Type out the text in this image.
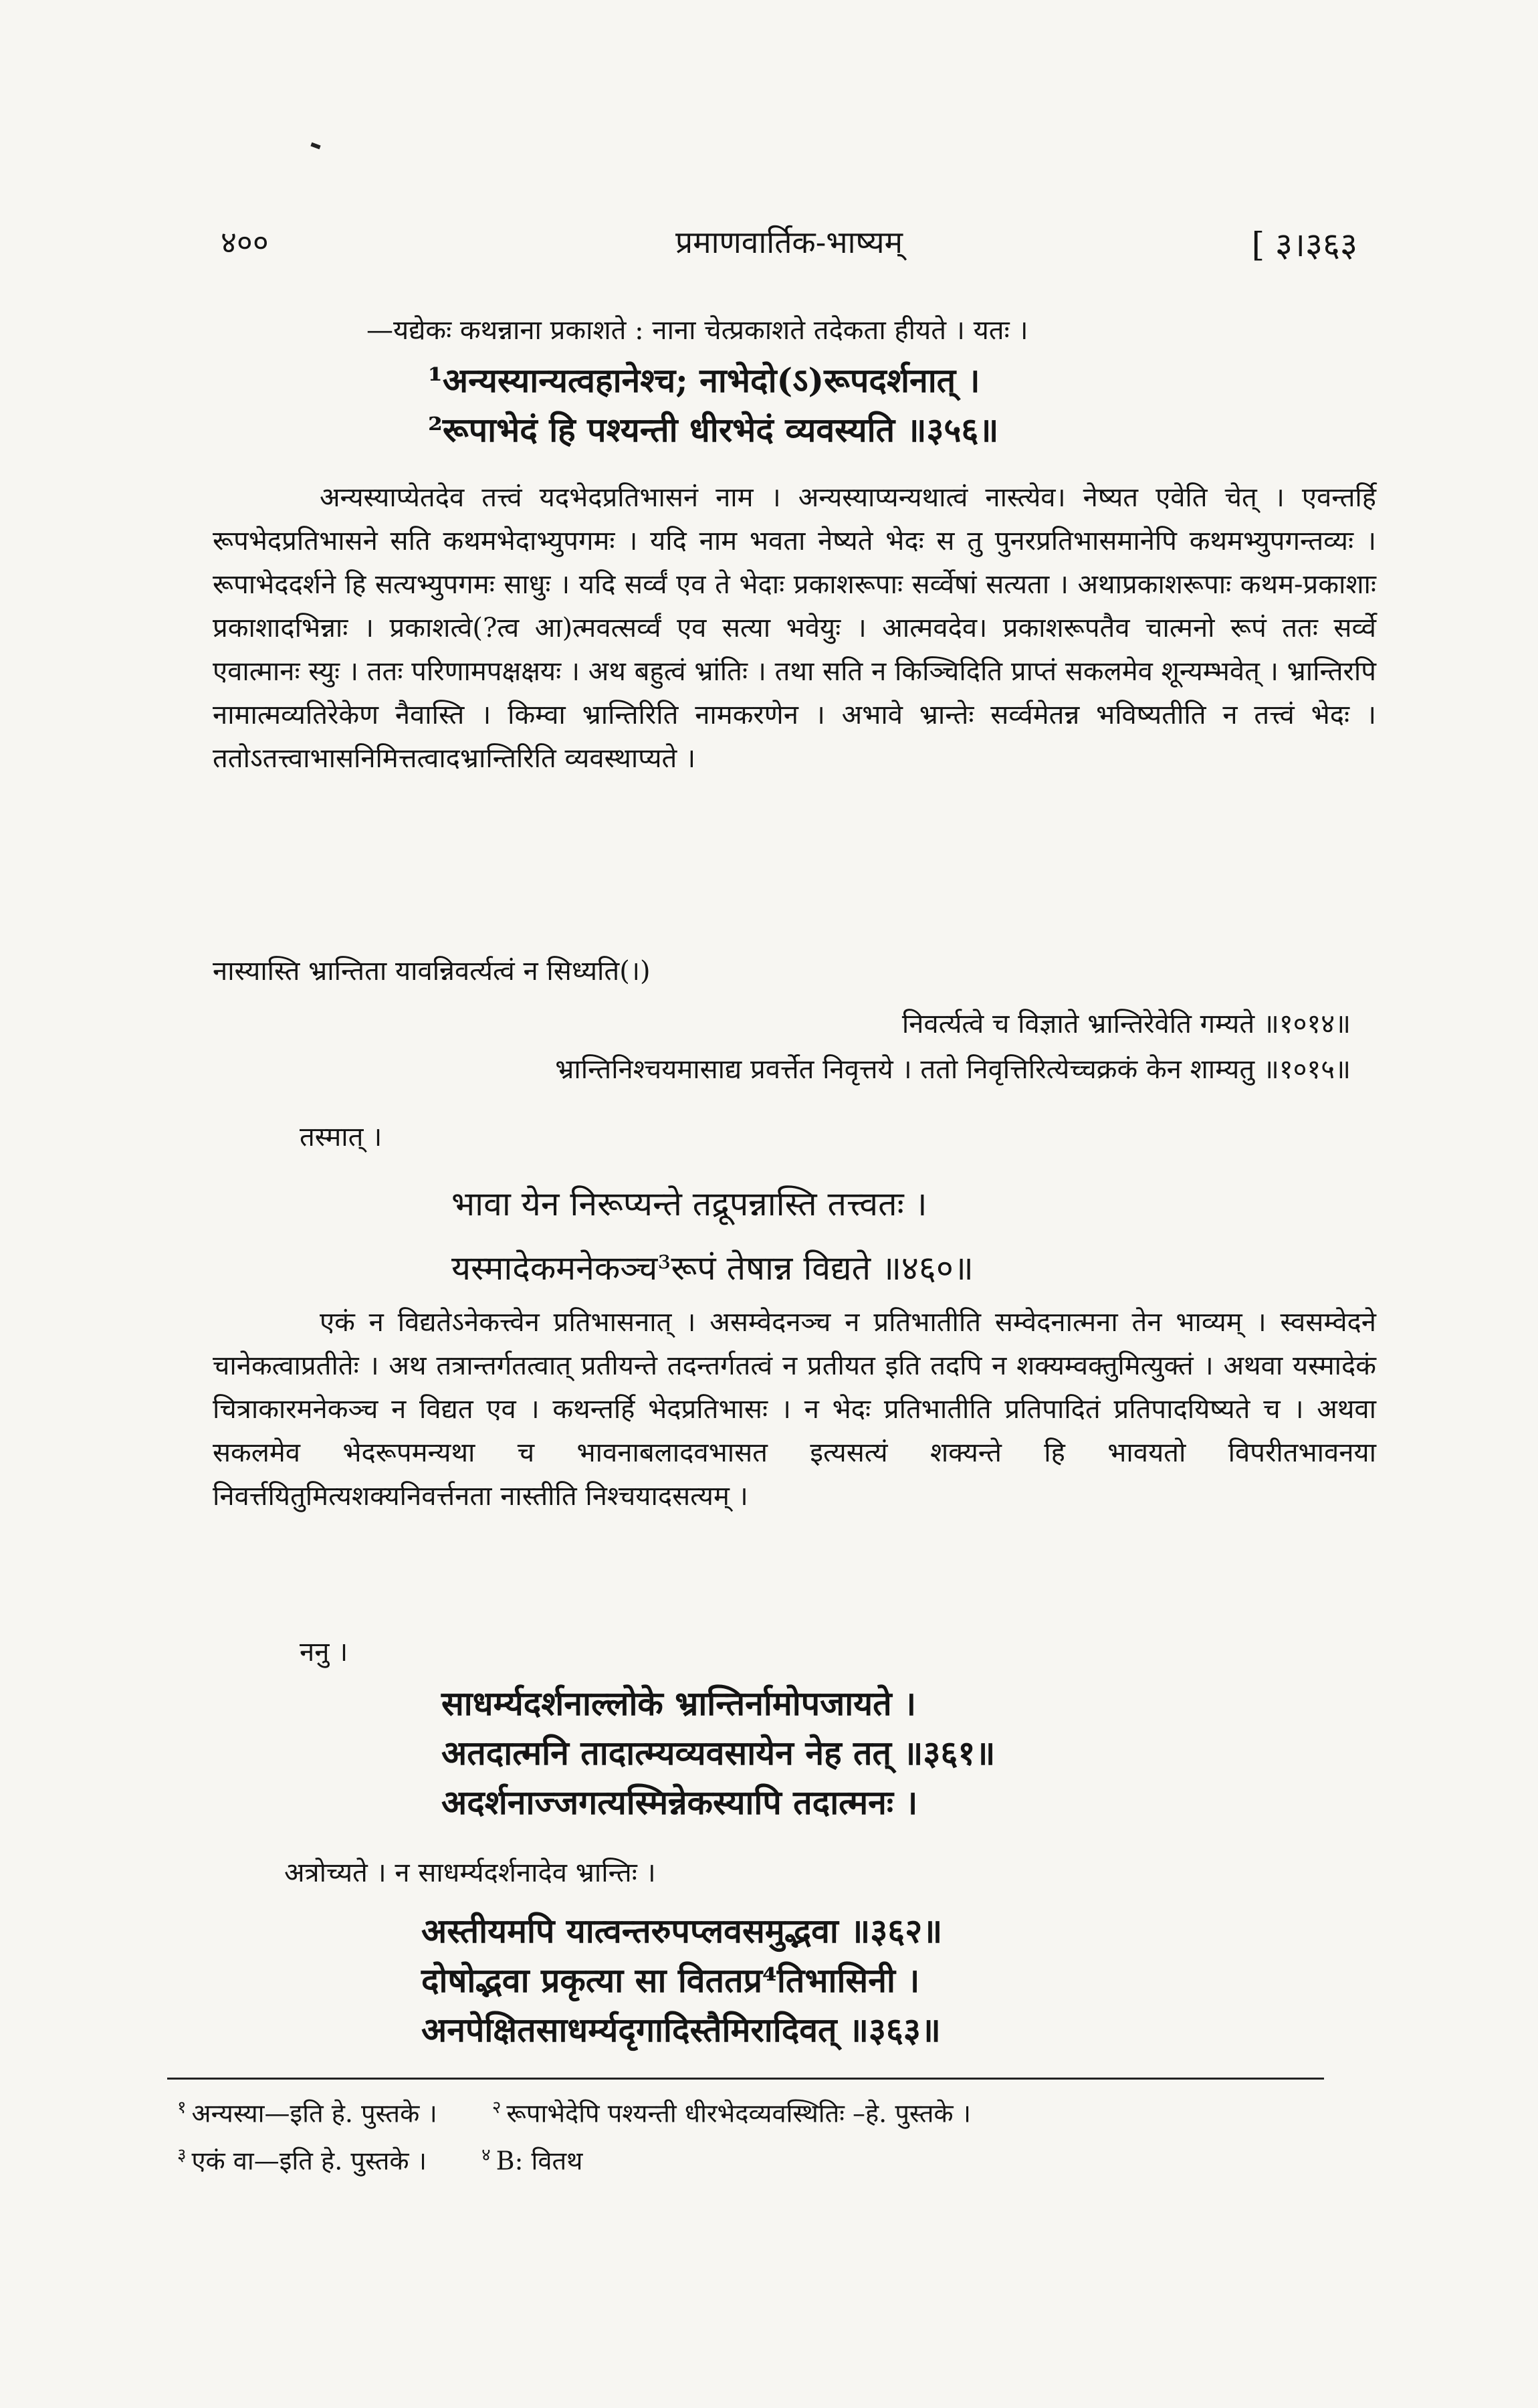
४००	प्रमाणवार्तिक-भाष्यम्	[ ३।३६३
—यद्येकः कथन्नाना प्रकाशते : नाना चेत्प्रकाशते तदेकता हीयते । यतः ।
¹अन्यस्यान्यत्वहानेश्च; नाभेदो(ऽ)रूपदर्शनात् ।
²रूपाभेदं हि पश्यन्ती धीरभेदं व्यवस्यति ॥३५६॥

अन्यस्याप्येतदेव तत्त्वं यदभेदप्रतिभासनं नाम । अन्यस्याप्यन्यथात्वं नास्त्येव। नेष्यत एवेति चेत् । एवन्तर्हि रूपभेदप्रतिभासने सति कथमभेदाभ्युपगमः । यदि नाम भवता नेष्यते भेदः स तु पुनरप्रतिभासमानेपि कथमभ्युपगन्तव्यः । रूपाभेददर्शने हि सत्यभ्युपगमः साधुः । यदि सर्व्वं एव ते भेदाः प्रकाशरूपाः सर्व्वेषां सत्यता । अथाप्रकाशरूपाः कथम-प्रकाशाः प्रकाशादभिन्नाः । प्रकाशत्वे(?त्व आ)त्मवत्सर्व्वं एव सत्या भवेयुः । आत्मवदेव। प्रकाशरूपतैव चात्मनो रूपं ततः सर्व्वे एवात्मानः स्युः । ततः परिणामपक्षक्षयः । अथ बहुत्वं भ्रांतिः । तथा सति न किञ्चिदिति प्राप्तं सकलमेव शून्यम्भवेत् । भ्रान्तिरपि नामात्मव्यतिरेकेण नैवास्ति । किम्वा भ्रान्तिरिति नामकरणेन । अभावे भ्रान्तेः सर्व्वमेतन्न भविष्यतीति न तत्त्वं भेदः । ततोऽतत्त्वाभासनिमित्तत्वादभ्रान्तिरिति व्यवस्थाप्यते ।

नास्यास्ति भ्रान्तिता यावन्निवर्त्यत्वं न सिध्यति(।)
निवर्त्यत्वे च विज्ञाते भ्रान्तिरेवेति गम्यते ॥१०१४॥
भ्रान्तिनिश्चयमासाद्य प्रवर्त्तेत निवृत्तये । ततो निवृत्तिरित्येच्चक्रकं केन शाम्यतु ॥१०१५॥
तस्मात् ।
भावा येन निरूप्यन्ते तद्रूपन्नास्ति तत्त्वतः ।
यस्मादेकमनेकञ्च³रूपं तेषान्न विद्यते ॥४६०॥

एकं न विद्यतेऽनेकत्त्वेन प्रतिभासनात् । असम्वेदनञ्च न प्रतिभातीति सम्वेदनात्मना तेन भाव्यम् । स्वसम्वेदने चानेकत्वाप्रतीतेः । अथ तत्रान्तर्गतत्वात् प्रतीयन्ते तदन्तर्गतत्वं न प्रतीयत इति तदपि न शक्यम्वक्तुमित्युक्तं । अथवा यस्मादेकं चित्राकारमनेकञ्च न विद्यत एव । कथन्तर्हि भेदप्रतिभासः । न भेदः प्रतिभातीति प्रतिपादितं प्रतिपादयिष्यते च । अथवा सकलमेव भेदरूपमन्यथा च भावनाबलादवभासत इत्यसत्यं शक्यन्ते हि भावयतो विपरीतभावनया निवर्त्तयितुमित्यशक्यनिवर्त्तनता नास्तीति निश्चयादसत्यम् ।

ननु ।
साधर्म्यदर्शनाल्लोके भ्रान्तिर्नामोपजायते ।
अतदात्मनि तादात्म्यव्यवसायेन नेह तत् ॥३६१॥
अदर्शनाज्जगत्यस्मिन्नेकस्यापि तदात्मनः ।
अत्रोच्यते । न साधर्म्यदर्शनादेव भ्रान्तिः ।
अस्तीयमपि यात्वन्तरुपप्लवसमुद्भवा ॥३६२॥
दोषोद्भवा प्रकृत्या सा विततप्र⁴तिभासिनी ।
अनपेक्षितसाधर्म्यदृगादिस्तैमिरादिवत् ॥३६३॥
$^१$ अन्यस्या—इति हे. पुस्तके ।	$^२$ रूपाभेदेपि पश्यन्ती धीरभेदव्यवस्थितिः –हे. पुस्तके ।
$^३$ एकं वा—इति हे. पुस्तके ।	$^४$ B: वितथ
